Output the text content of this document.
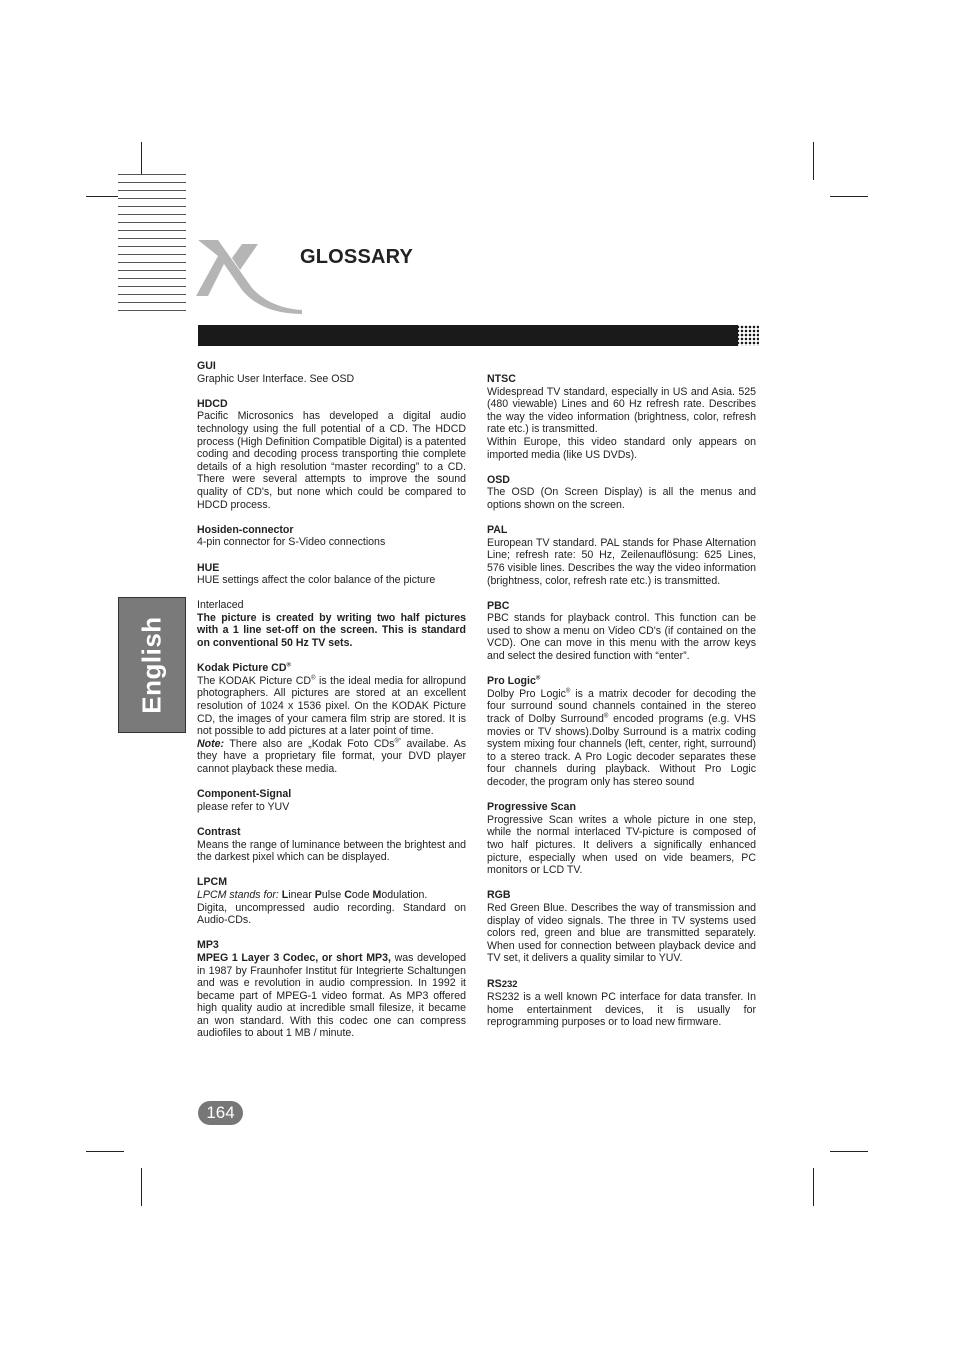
GLOSSARY
English

GUI

Graphic User Interface. See OSD

HDCD

Pacific Microsonics has developed a digital audio technology using the full potential of a CD. The HDCD process (High Definition Compatible Digital) is a patented coding and decoding process transporting thie complete details of a high resolution “master recording” to a CD. There were several attempts to improve the sound quality of CD's, but none which could be compared to HDCD process.

Hosiden-connector

4-pin connector for S-Video connections

HUE

HUE settings affect the color balance of the picture

Interlaced

The picture is created by writing two half pictures with a 1 line set-off on the screen. This is standard on conventional 50 Hz TV sets.

Kodak Picture CD®

The KODAK Picture CD® is the ideal media for allropund photographers. All pictures are stored at an excellent resolution of 1024 x 1536 pixel. On the KODAK Picture CD, the images of your camera film strip are stored. It is not possible to add pictures at a later point of time.

Note: There also are „Kodak Foto CDs®“ availabe. As they have a proprietary file format, your DVD player cannot playback these media.

Component-Signal

please refer to YUV

Contrast

Means the range of luminance between the brightest and the darkest pixel which can be displayed.

LPCM

LPCM stands for: Linear Pulse Code Modulation.

Digita, uncompressed audio recording. Standard on Audio-CDs.

MP3

MPEG 1 Layer 3 Codec, or short MP3, was developed in 1987 by Fraunhofer Institut für Integrierte Schaltungen and was e revolution in audio compression. In 1992 it became part of MPEG-1 video format. As MP3 offered high quality audio at incredible small filesize, it became an won standard. With this codec one can compress audiofiles to about 1 MB / minute.

NTSC

Widespread TV standard, especially in US and Asia. 525 (480 viewable) Lines and 60 Hz refresh rate. Describes the way the video information (brightness, color, refresh rate etc.) is transmitted.

Within Europe, this video standard only appears on imported media (like US DVDs).

OSD

The OSD (On Screen Display) is all the menus and options shown on the screen.

PAL

European TV standard. PAL stands for Phase Alternation Line; refresh rate: 50 Hz, Zeilenauflösung: 625 Lines, 576 visible lines. Describes the way the video information (brightness, color, refresh rate etc.) is transmitted.

PBC

PBC stands for playback control. This function can be used to show a menu on Video CD's (if contained on the VCD). One can move in this menu with the arrow keys and select the desired function with “enter”.

Pro Logic®

Dolby Pro Logic® is a matrix decoder for decoding the four surround sound channels contained in the stereo track of Dolby Surround® encoded programs (e.g. VHS movies or TV shows).Dolby Surround is a matrix coding system mixing four channels (left, center, right, surround) to a stereo track. A Pro Logic decoder separates these four channels during playback. Without Pro Logic decoder, the program only has stereo sound

Progressive Scan

Progressive Scan writes a whole picture in one step, while the normal interlaced TV-picture is composed of two half pictures. It delivers a significally enhanced picture, especially when used on vide beamers, PC monitors or LCD TV.

RGB

Red Green Blue. Describes the way of transmission and display of video signals. The three in TV systems used colors red, green and blue are transmitted separately. When used for connection between playback device and TV set, it delivers a quality similar to YUV.

RS232

RS232 is a well known PC interface for data transfer. In home entertainment devices, it is usually for reprogramming purposes or to load new firmware.

164
